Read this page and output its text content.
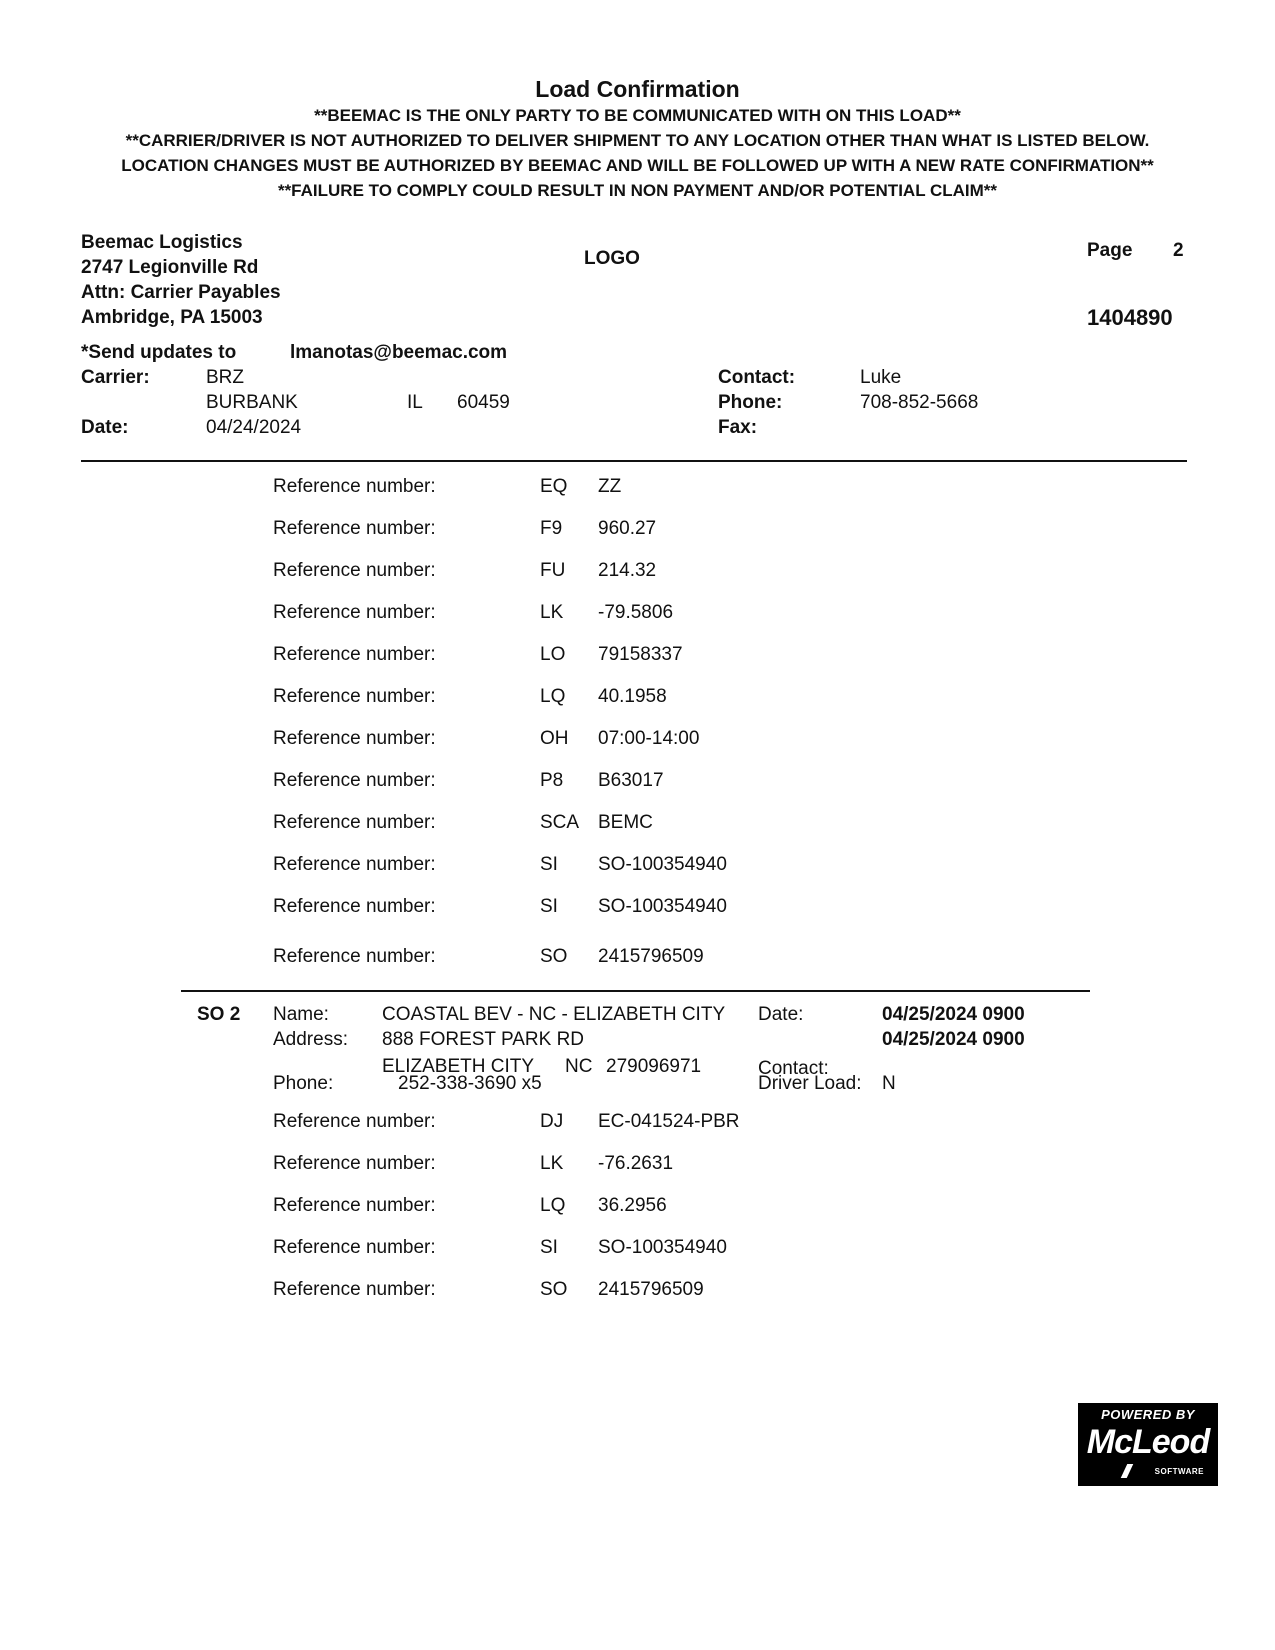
Load Confirmation
**BEEMAC IS THE ONLY PARTY TO BE COMMUNICATED WITH ON THIS LOAD**
**CARRIER/DRIVER IS NOT AUTHORIZED TO DELIVER SHIPMENT TO ANY LOCATION OTHER THAN WHAT IS LISTED BELOW.
LOCATION CHANGES MUST BE AUTHORIZED BY BEEMAC AND WILL BE FOLLOWED UP WITH A NEW RATE CONFIRMATION**
**FAILURE TO COMPLY COULD RESULT IN NON PAYMENT AND/OR POTENTIAL CLAIM**
Beemac Logistics
2747 Legionville Rd
Attn: Carrier Payables
Ambridge, PA 15003
LOGO	Page 2
1404890
*Send updates to	lmanotas@beemac.com
Carrier:	BRZ
BURBANK	IL 60459
Date:	04/24/2024
Contact:	Luke
Phone:	708-852-5668
Fax:
Reference number:	EQ ZZ
Reference number:	F9 960.27
Reference number:	FU 214.32
Reference number:	LK -79.5806
Reference number:	LO 79158337
Reference number:	LQ 40.1958
Reference number:	OH 07:00-14:00
Reference number:	P8 B63017
Reference number:	SCA BEMC
Reference number:	SI SO-100354940
Reference number:	SI SO-100354940
Reference number:	SO 2415796509
SO 2 Name:	COASTAL BEV - NC - ELIZABETH CITY
Address: 888 FOREST PARK RD
ELIZABETH CITY NC 279096971
Phone:	252-338-3690 x5
Date:	04/25/2024 0900
04/25/2024 0900
Contact:
Driver Load: N
Reference number:	DJ EC-041524-PBR
Reference number:	LK -76.2631
Reference number:	LQ 36.2956
Reference number:	SI SO-100354940
Reference number:	SO 2415796509
POWERED BY
McLeod
SOFTWARE
